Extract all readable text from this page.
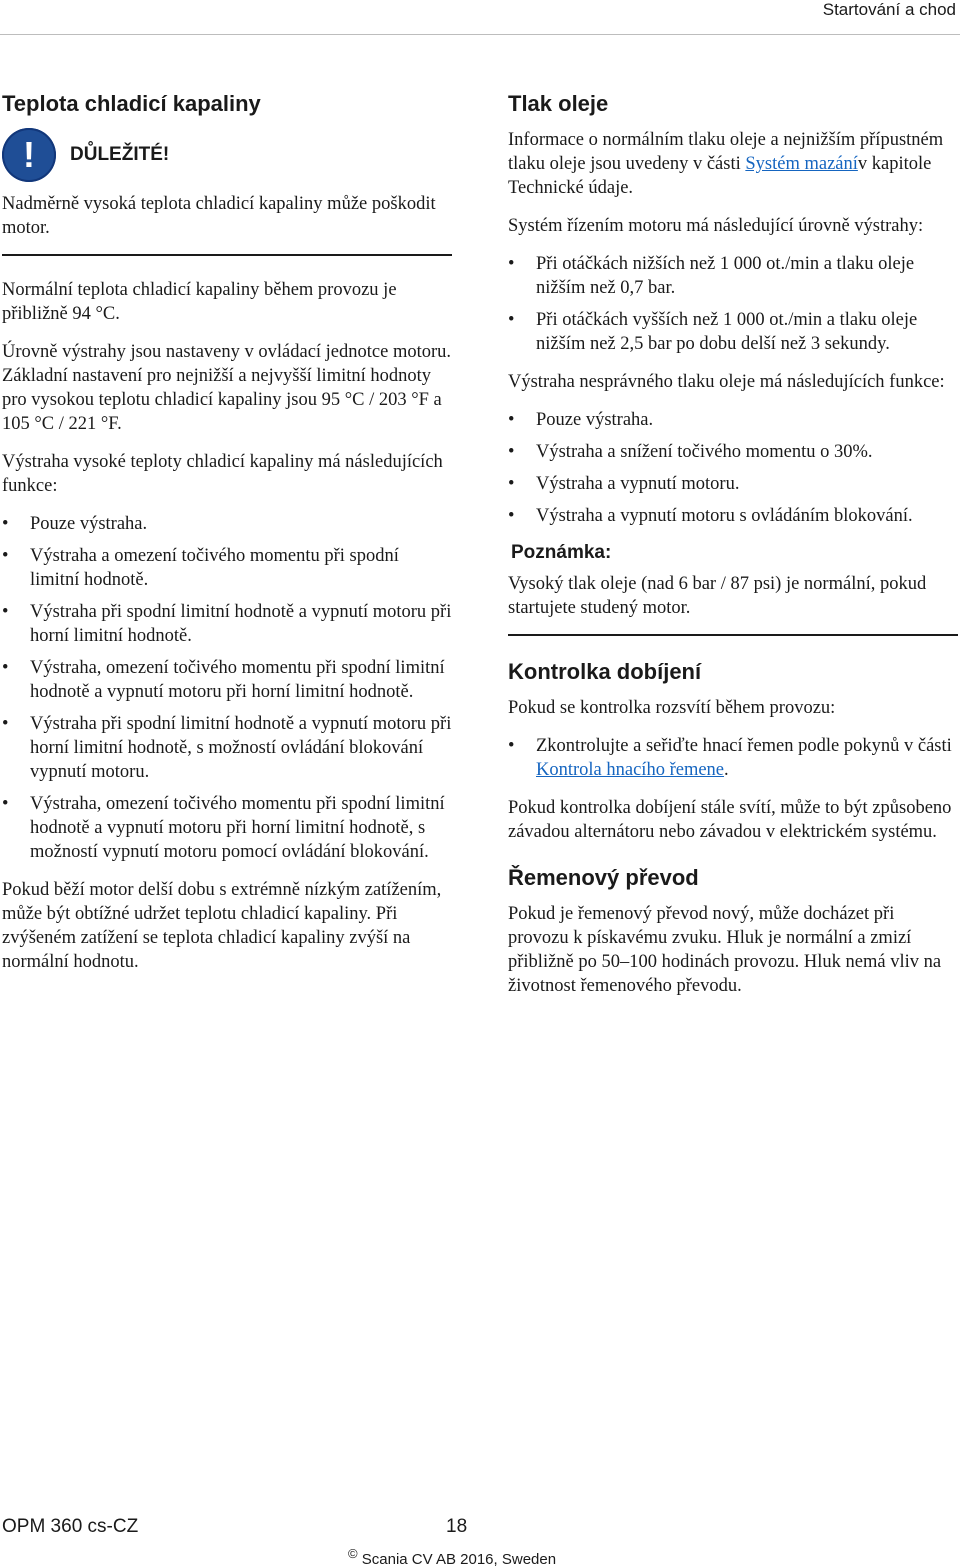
Startování a chod
Teplota chladicí kapaliny
! DŮLEŽITÉ!

Nadměrně vysoká teplota chladicí kapaliny může poškodit motor.

Normální teplota chladicí kapaliny během provozu je přibližně 94 °C.

Úrovně výstrahy jsou nastaveny v ovládací jednotce motoru. Základní nastavení pro nejnižší a nejvyšší limitní hodnoty pro vysokou teplotu chladicí kapaliny jsou 95 °C / 203 °F a 105 °C / 221 °F.

Výstraha vysoké teploty chladicí kapaliny má následujících funkce:

• Pouze výstraha.
• Výstraha a omezení točivého momentu při spodní limitní hodnotě.
• Výstraha při spodní limitní hodnotě a vypnutí motoru při horní limitní hodnotě.
• Výstraha, omezení točivého momentu při spodní limitní hodnotě a vypnutí motoru při horní limitní hodnotě.
• Výstraha při spodní limitní hodnotě a vypnutí motoru při horní limitní hodnotě, s možností ovládání blokování vypnutí motoru.
• Výstraha, omezení točivého momentu při spodní limitní hodnotě a vypnutí motoru při horní limitní hodnotě, s možností vypnutí motoru pomocí ovládání blokování.

Pokud běží motor delší dobu s extrémně nízkým zatížením, může být obtížné udržet teplotu chladicí kapaliny. Při zvýšeném zatížení se teplota chladicí kapaliny zvýší na normální hodnotu.

Tlak oleje

Informace o normálním tlaku oleje a nejnižším přípustném tlaku oleje jsou uvedeny v části Systém mazánív kapitole Technické údaje.

Systém řízením motoru má následující úrovně výstrahy:

• Při otáčkách nižších než 1 000 ot./min a tlaku oleje nižším než 0,7 bar.
• Při otáčkách vyšších než 1 000 ot./min a tlaku oleje nižším než 2,5 bar po dobu delší než 3 sekundy.

Výstraha nesprávného tlaku oleje má následujících funkce:

• Pouze výstraha.
• Výstraha a snížení točivého momentu o 30%.
• Výstraha a vypnutí motoru.
• Výstraha a vypnutí motoru s ovládáním blokování.
Poznámka:

Vysoký tlak oleje (nad 6 bar / 87 psi) je normální, pokud startujete studený motor.

Kontrolka dobíjení

Pokud se kontrolka rozsvítí během provozu:

• Zkontrolujte a seřiďte hnací řemen podle pokynů v části Kontrola hnacího řemene.

Pokud kontrolka dobíjení stále svítí, může to být způsobeno závadou alternátoru nebo závadou v elektrickém systému.

Řemenový převod

Pokud je řemenový převod nový, může docházet při provozu k pískavému zvuku. Hluk je normální a zmizí přibližně po 50–100 hodinách provozu. Hluk nemá vliv na životnost řemenového převodu.

OPM 360 cs-CZ	18
© Scania CV AB 2016, Sweden
